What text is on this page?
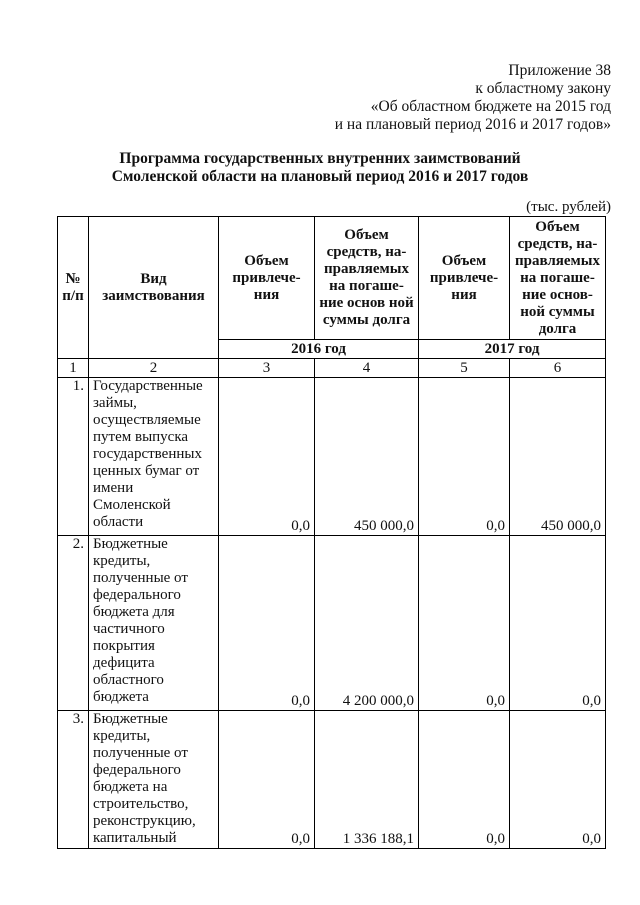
Приложение 38
к областному закону
«Об областном бюджете на 2015 год
и на плановый период 2016 и 2017 годов»
Программа государственных внутренних заимствований
Смоленской области на плановый период 2016 и 2017 годов
(тыс. рублей)
№ п/п	Вид заимствования	Объем привлече-ния	Объем средств, на-правляемых на погаше-ние основ ной суммы долга	Объем привлече-ния	Объем средств, на-правляемых на погаше-ние основ-ной суммы долга
		2016 год		2017 год	
1	2	3	4	5	6
1.	Государственные займы, осуществляемые путем выпуска государственных ценных бумаг от имени Смоленской области	0,0	450 000,0	0,0	450 000,0
2.	Бюджетные кредиты, полученные от федерального бюджета для частичного покрытия дефицита областного бюджета	0,0	4 200 000,0	0,0	0,0
3.	Бюджетные кредиты, полученные от федерального бюджета на строительство, реконструкцию, капитальный	0,0	1 336 188,1	0,0	0,0
